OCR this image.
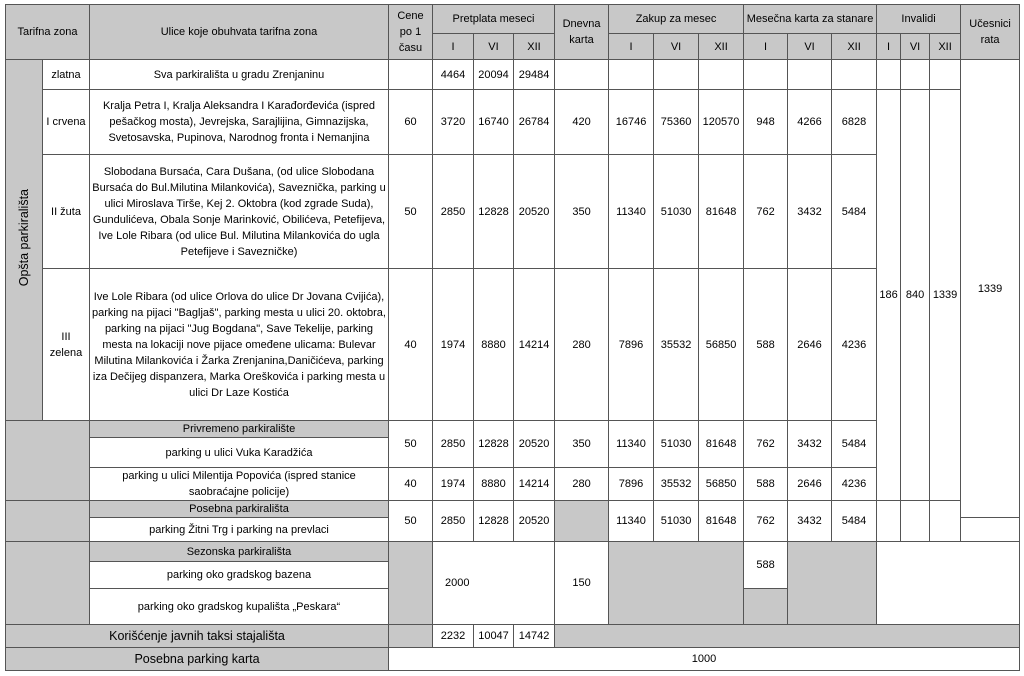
Tarifna zona		Ulice koje obuhvata tarifna zona	Cene po 1 času	Pretplata meseci			Dnevna karta	Zakup za mesec			Mesečna karta za stanare			Invalidi			Učesnici rata	
				I	VI	XII		I	VI	XII	I	VI	XII	I	VI	XII		
Opšta parkirališta	zlatna	Sva parkirališta u gradu Zrenjaninu		4464	20094	29484											1339	
	I crvena	Kralja Petra I, Kralja Aleksandra I Karađorđevića (ispred pešačkog mosta), Jevrejska, Sarajlijina, Gimnazijska, Svetosavska, Pupinova, Narodnog fronta i Nemanjina	60	3720	16740	26784	420	16746	75360	120570	948	4266	6828	186	840	1339		
	II žuta	Slobodana Bursaća, Cara Dušana, (od ulice Slobodana Bursaća do Bul.Milutina Milankovića), Saveznička, parking u ulici Miroslava Tirše, Kej 2. Oktobra (kod zgrade Suda), Gundulićeva, Obala Sonje Marinković, Obilićeva, Petefijeva, Ive Lole Ribara (od ulice Bul. Milutina Milankovića do ugla Petefijeve i Savezničke)	50	2850	12828	20520	350	11340	51030	81648	762	3432	5484					
	III zelena	Ive Lole Ribara (od ulice Orlova do ulice Dr Jovana Cvijića), parking na pijaci "Bagljaš", parking mesta u ulici 20. oktobra, parking na pijaci "Jug Bogdana", Save Tekelije, parking mesta na lokaciji nove pijace omeđene ulicama: Bulevar Milutina Milankovića i Žarka Zrenjanina,Daničićeva, parking iza Dečijeg dispanzera, Marka Oreškovića i parking mesta u ulici Dr Laze Kostića	40	1974	8880	14214	280	7896	35532	56850	588	2646	4236					
		Privremeno parkiralište	50	2850	12828	20520	350	11340	51030	81648	762	3432	5484					
		parking u ulici Vuka Karadžića																
		parking u ulici Milentija Popovića (ispred stanice saobraćajne policije)	40	1974	8880	14214	280	7896	35532	56850	588	2646	4236					
		Posebna parkirališta	50	2850	12828	20520		11340	51030	81648	762	3432	5484					
		parking Žitni Trg i parking na prevlaci																
		Sezonska parkirališta		2000			150				588							
		parking oko gradskog bazena																
		parking oko gradskog kupališta „Peskara“																
Korišćenje javnih taksi stajališta				2232	10047	14742												
Posebna parking karta			1000															
